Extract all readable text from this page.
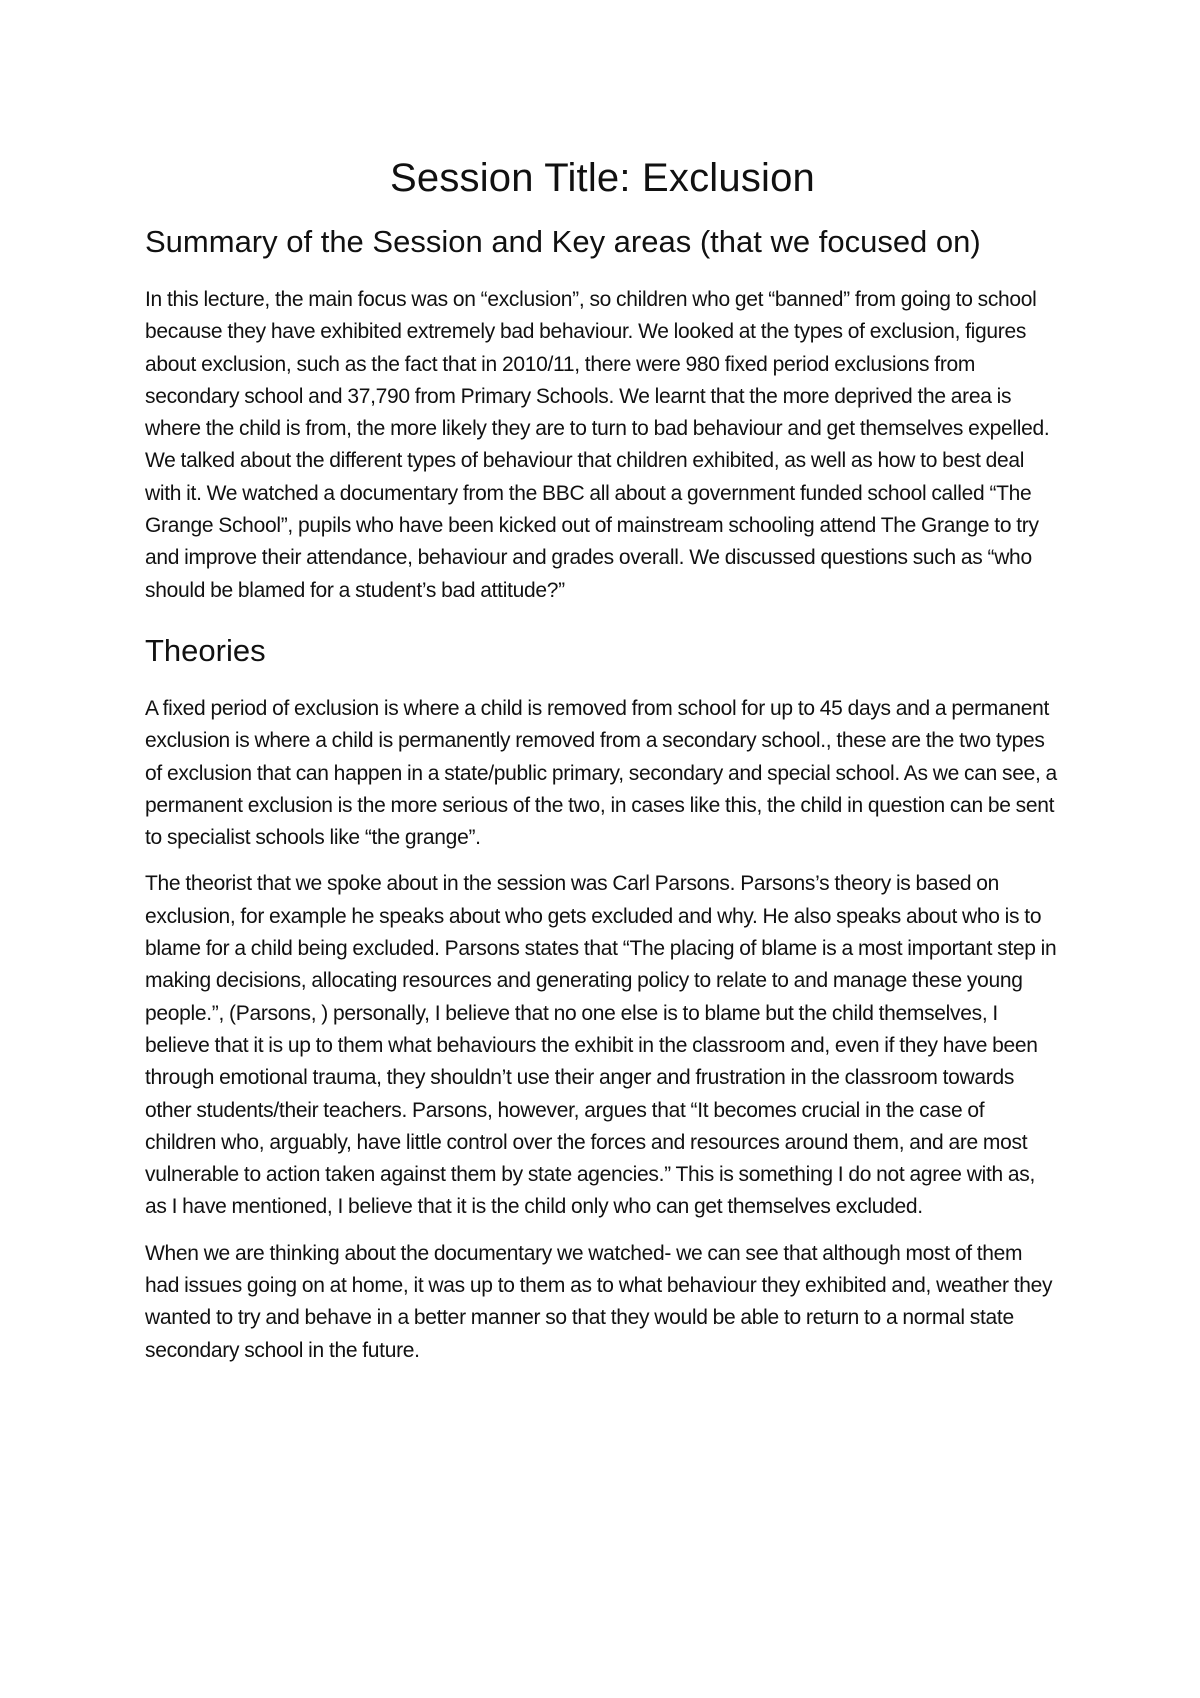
Session Title: Exclusion
Summary of the Session and Key areas (that we focused on)

In this lecture, the main focus was on “exclusion”, so children who get “banned” from going to school because they have exhibited extremely bad behaviour. We looked at the types of exclusion, figures about exclusion, such as the fact that in 2010/11, there were 980 fixed period exclusions from secondary school and 37,790 from Primary Schools. We learnt that the more deprived the area is where the child is from, the more likely they are to turn to bad behaviour and get themselves expelled. We talked about the different types of behaviour that children exhibited, as well as how to best deal with it. We watched a documentary from the BBC all about a government funded school called “The Grange School”, pupils who have been kicked out of mainstream schooling attend The Grange to try and improve their attendance, behaviour and grades overall. We discussed questions such as “who should be blamed for a student’s bad attitude?”

Theories

A fixed period of exclusion is where a child is removed from school for up to 45 days and a permanent exclusion is where a child is permanently removed from a secondary school., these are the two types of exclusion that can happen in a state/public primary, secondary and special school. As we can see, a permanent exclusion is the more serious of the two, in cases like this, the child in question can be sent to specialist schools like “the grange”.

The theorist that we spoke about in the session was Carl Parsons. Parsons’s theory is based on exclusion, for example he speaks about who gets excluded and why. He also speaks about who is to blame for a child being excluded. Parsons states that “The placing of blame is a most important step in making decisions, allocating resources and generating policy to relate to and manage these young people.”, (Parsons, ) personally, I believe that no one else is to blame but the child themselves, I believe that it is up to them what behaviours the exhibit in the classroom and, even if they have been through emotional trauma, they shouldn’t use their anger and frustration in the classroom towards other students/their teachers. Parsons, however, argues that “It becomes crucial in the case of children who, arguably, have little control over the forces and resources around them, and are most vulnerable to action taken against them by state agencies.” This is something I do not agree with as, as I have mentioned, I believe that it is the child only who can get themselves excluded.

When we are thinking about the documentary we watched- we can see that although most of them had issues going on at home, it was up to them as to what behaviour they exhibited and, weather they wanted to try and behave in a better manner so that they would be able to return to a normal state secondary school in the future.
